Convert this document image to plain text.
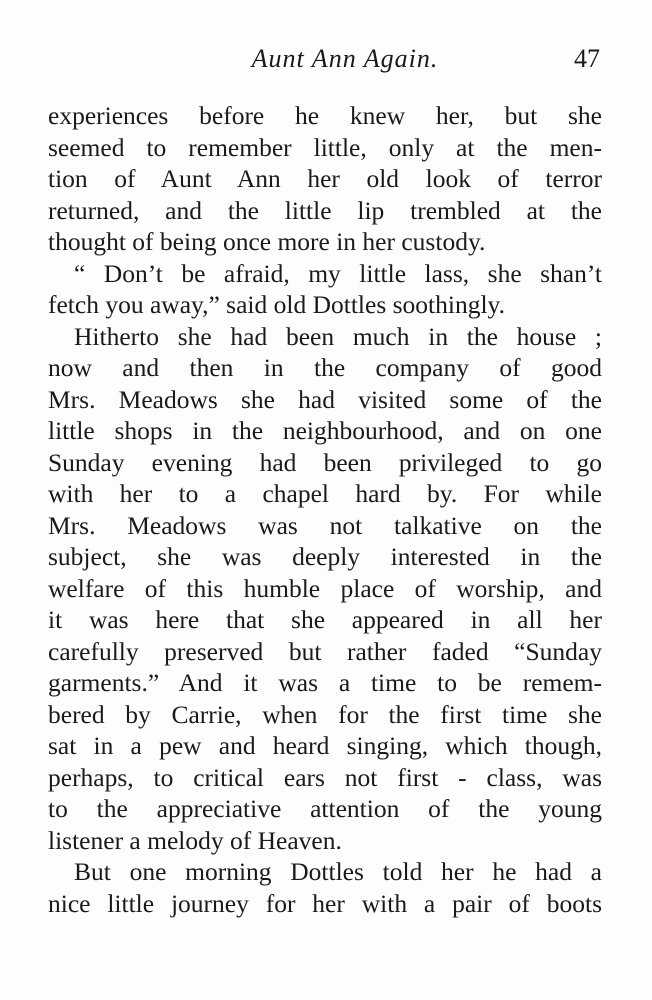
Aunt Ann Again.	47
experiences before he knew her, but she
seemed to remember little, only at the men-
tion of Aunt Ann her old look of terror
returned, and the little lip trembled at the
thought of being once more in her custody.
“ Don’t be afraid, my little lass, she shan’t
fetch you away,” said old Dottles soothingly.
Hitherto she had been much in the house ;
now and then in the company of good
Mrs. Meadows she had visited some of the
little shops in the neighbourhood, and on one
Sunday evening had been privileged to go
with her to a chapel hard by. For while
Mrs. Meadows was not talkative on the
subject, she was deeply interested in the
welfare of this humble place of worship, and
it was here that she appeared in all her
carefully preserved but rather faded “Sunday
garments.” And it was a time to be remem-
bered by Carrie, when for the first time she
sat in a pew and heard singing, which though,
perhaps, to critical ears not first - class, was
to the appreciative attention of the young
listener a melody of Heaven.
But one morning Dottles told her he had a
nice little journey for her with a pair of boots
